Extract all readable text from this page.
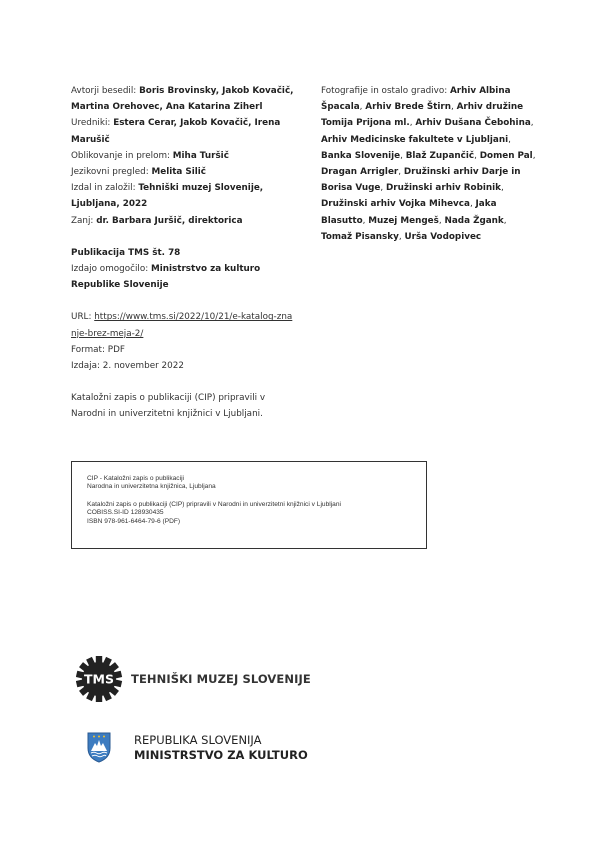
Avtorji besedil: Boris Brovinsky, Jakob Kovačič, Martina Orehovec, Ana Katarina Ziherl
Uredniki: Estera Cerar, Jakob Kovačič, Irena Marušič
Oblikovanje in prelom: Miha Turšič
Jezikovni pregled: Melita Silič
Izdal in založil: Tehniški muzej Slovenije, Ljubljana, 2022
Zanj: dr. Barbara Juršič, direktorica
Publikacija TMS št. 78
Izdajo omogočilo: Ministrstvo za kulturo Republike Slovenije
URL: https://www.tms.si/2022/10/21/e-katalog-znanje-brez-meja-2/
Format: PDF
Izdaja: 2. november 2022
Kataložni zapis o publikaciji (CIP) pripravili v Narodni in univerzitetni knjižnici v Ljubljani.
Fotografije in ostalo gradivo: Arhiv Albina Špacala, Arhiv Brede Štirn, Arhiv družine Tomija Prijona ml., Arhiv Dušana Čebohina, Arhiv Medicinske fakultete v Ljubljani, Banka Slovenije, Blaž Zupančič, Domen Pal, Dragan Arrigler, Družinski arhiv Darje in Borisa Vuge, Družinski arhiv Robinik, Družinski arhiv Vojka Mihevca, Jaka Blasutto, Muzej Mengeš, Nada Žgank, Tomaž Pisansky, Urša Vodopivec
CIP - Kataložni zapis o publikaciji
Narodna in univerzitetna knjižnica, Ljubljana
Kataložni zapis o publikaciji (CIP) pripravili v Narodni in univerzitetni knjižnici v Ljubljani
COBISS.SI-ID 128930435
ISBN 978-961-6464-79-6 (PDF)
TMS TEHNIŠKI MUZEJ SLOVENIJE
REPUBLIKA SLOVENIJA
MINISTRSTVO ZA KULTURO
